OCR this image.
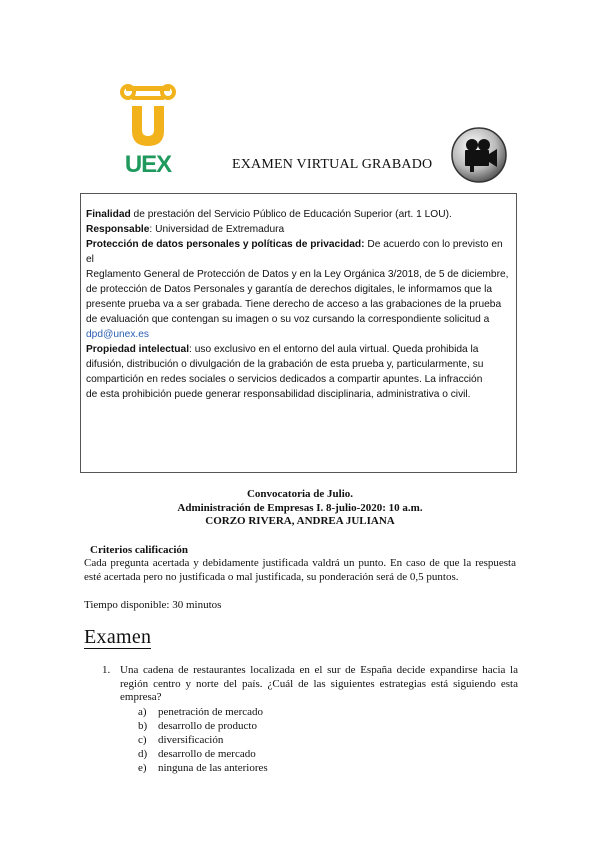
UEX	EXAMEN VIRTUAL GRABADO

Finalidad de prestación del Servicio Público de Educación Superior (art. 1 LOU).

Responsable: Universidad de Extremadura

Protección de datos personales y políticas de privacidad: De acuerdo con lo previsto en el

Reglamento General de Protección de Datos y en la Ley Orgánica 3/2018, de 5 de diciembre,

de protección de Datos Personales y garantía de derechos digitales, le informamos que la

presente prueba va a ser grabada. Tiene derecho de acceso a las grabaciones de la prueba

de evaluación que contengan su imagen o su voz cursando la correspondiente solicitud a

dpd@unex.es

Propiedad intelectual: uso exclusivo en el entorno del aula virtual. Queda prohibida la

difusión, distribución o divulgación de la grabación de esta prueba y, particularmente, su

compartición en redes sociales o servicios dedicados a compartir apuntes. La infracción

de esta prohibición puede generar responsabilidad disciplinaria, administrativa o civil.

Convocatoria de Julio.
Administración de Empresas I. 8-julio-2020: 10 a.m.
CORZO RIVERA, ANDREA JULIANA
Criterios calificación
Cada pregunta acertada y debidamente justificada valdrá un punto. En caso de que la respuesta esté acertada pero no justificada o mal justificada, su ponderación será de 0,5 puntos.
Tiempo disponible: 30 minutos
Examen
1. Una cadena de restaurantes localizada en el sur de España decide expandirse hacia la región centro y norte del país. ¿Cuál de las siguientes estrategias está siguiendo esta empresa?
a) penetración de mercado
b) desarrollo de producto
c) diversificación
d) desarrollo de mercado
e) ninguna de las anteriores
